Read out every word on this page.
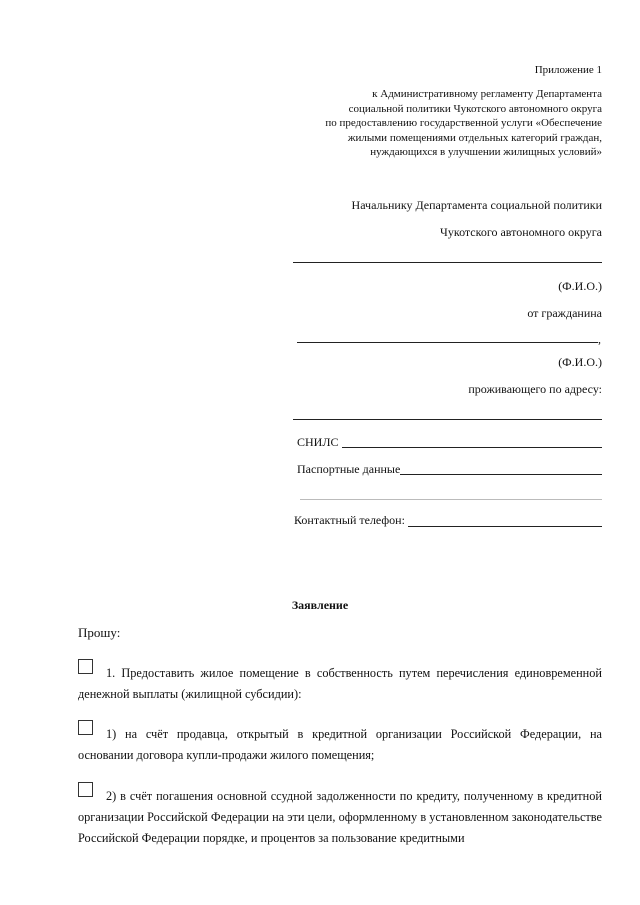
Приложение 1
к Административному регламенту Департамента
социальной политики Чукотского автономного округа
по предоставлению государственной услуги «Обеспечение
жилыми помещениями отдельных категорий граждан,
нуждающихся в улучшении жилищных условий»
Начальнику Департамента социальной политики
Чукотского автономного округа
(Ф.И.О.)
от гражданина
,
(Ф.И.О.)
проживающего по адресу:
СНИЛС
Паспортные данные
Контактный телефон:
Заявление
Прошу:
1. Предоставить жилое помещение в собственность путем перечисления единовременной денежной выплаты (жилищной субсидии):
1) на счёт продавца, открытый в кредитной организации Российской Федерации, на основании договора купли-продажи жилого помещения;
2) в счёт погашения основной ссудной задолженности по кредиту, полученному в кредитной организации Российской Федерации на эти цели, оформленному в установленном законодательстве Российской Федерации порядке, и процентов за пользование кредитными
